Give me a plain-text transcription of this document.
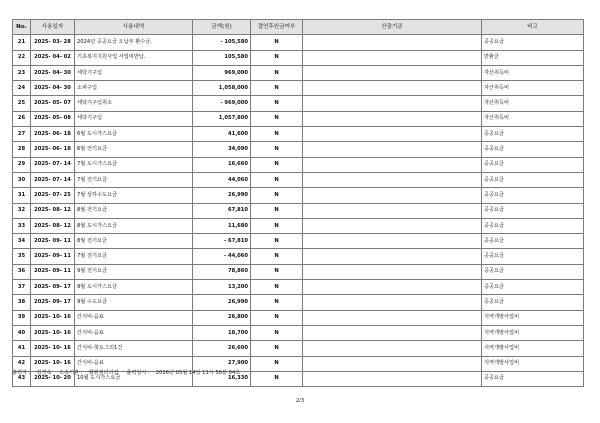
No.	사용일자	사용내역	금액(원)	결연후원금여부	산출기준	비고
21	2025- 03- 28	2024년 공공요금 오납부 환수금.	- 105,580	N		공공요금
22	2025- 04- 02	기초복지지원사업 사업비반납.	105,580	N		반환금
23	2025- 04- 30	세탁기구입	969,000	N		자산취득비
24	2025- 04- 30	소파구입	1,058,000	N		자산취득비
25	2025- 05- 07	세탁기구입취소	- 969,000	N		자산취득비
26	2025- 05- 08	세탁기구입	1,057,800	N		자산취득비
27	2025- 06- 18	6월 도시가스요금	41,600	N		공공요금
28	2025- 06- 18	6월 전기요금	34,090	N		공공요금
29	2025- 07- 14	7월 도시가스요금	16,660	N		공공요금
30	2025- 07- 14	7월 전기요금	44,060	N		공공요금
31	2025- 07- 25	7월 상하수도요금	26,990	N		공공요금
32	2025- 08- 12	8월 전기요금	67,810	N		공공요금
33	2025- 08- 12	8월 도시가스요금	11,680	N		공공요금
34	2025- 09- 11	8월 전기요금	- 67,810	N		공공요금
35	2025- 09- 11	7월 전기요금	- 44,060	N		공공요금
36	2025- 09- 11	9월 전기요금	78,860	N		공공요금
37	2025- 09- 17	9월 도시가스요금	13,200	N		공공요금
38	2025- 09- 17	9월 수도요금	26,990	N		공공요금
39	2025- 10- 16	간식비-음료	26,800	N		지역개발사업비
40	2025- 10- 16	간식비-음료	18,700	N		지역개발사업비
41	2025- 10- 16	간식비-핫도그외1건	26,600	N		지역개발사업비
42	2025- 10- 16	간식비-음료	27,900	N		지역개발사업비
43	2025- 10- 20	10월 도시가스요금	16,330	N		공공요금
출력자 : 김경숙 소속기관 : 헬렌켈러의집 출력일시 : 2026년 05월 14일 11시 56분 04초
2/3
